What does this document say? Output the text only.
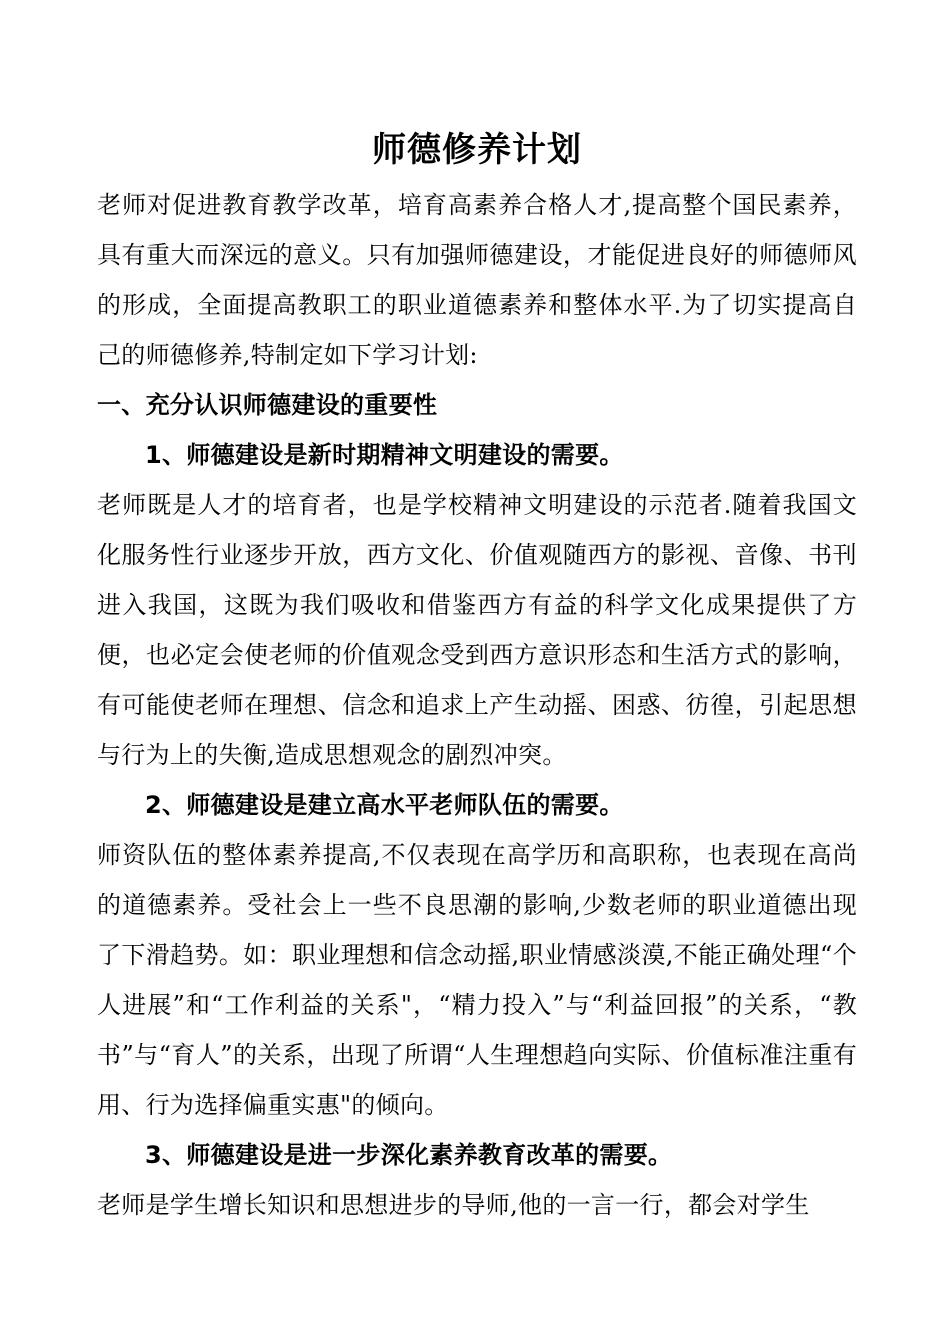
师德修养计划

老师对促进教育教学改革，培育高素养合格人才,提高整个国民素养，具有重大而深远的意义。只有加强师德建设，才能促进良好的师德师风的形成，全面提高教职工的职业道德素养和整体水平.为了切实提高自己的师德修养,特制定如下学习计划:

一、充分认识师德建设的重要性
1、师德建设是新时期精神文明建设的需要。

老师既是人才的培育者，也是学校精神文明建设的示范者.随着我国文化服务性行业逐步开放，西方文化、价值观随西方的影视、音像、书刊进入我国，这既为我们吸收和借鉴西方有益的科学文化成果提供了方便，也必定会使老师的价值观念受到西方意识形态和生活方式的影响，有可能使老师在理想、信念和追求上产生动摇、困惑、彷徨，引起思想与行为上的失衡,造成思想观念的剧烈冲突。

2、师德建设是建立高水平老师队伍的需要。

师资队伍的整体素养提高,不仅表现在高学历和高职称，也表现在高尚的道德素养。受社会上一些不良思潮的影响,少数老师的职业道德出现了下滑趋势。如：职业理想和信念动摇,职业情感淡漠,不能正确处理“个人进展”和“工作利益的关系"，“精力投入”与“利益回报”的关系，“教书”与“育人”的关系，出现了所谓“人生理想趋向实际、价值标准注重有用、行为选择偏重实惠"的倾向。

3、师德建设是进一步深化素养教育改革的需要。

老师是学生增长知识和思想进步的导师,他的一言一行，都会对学生
